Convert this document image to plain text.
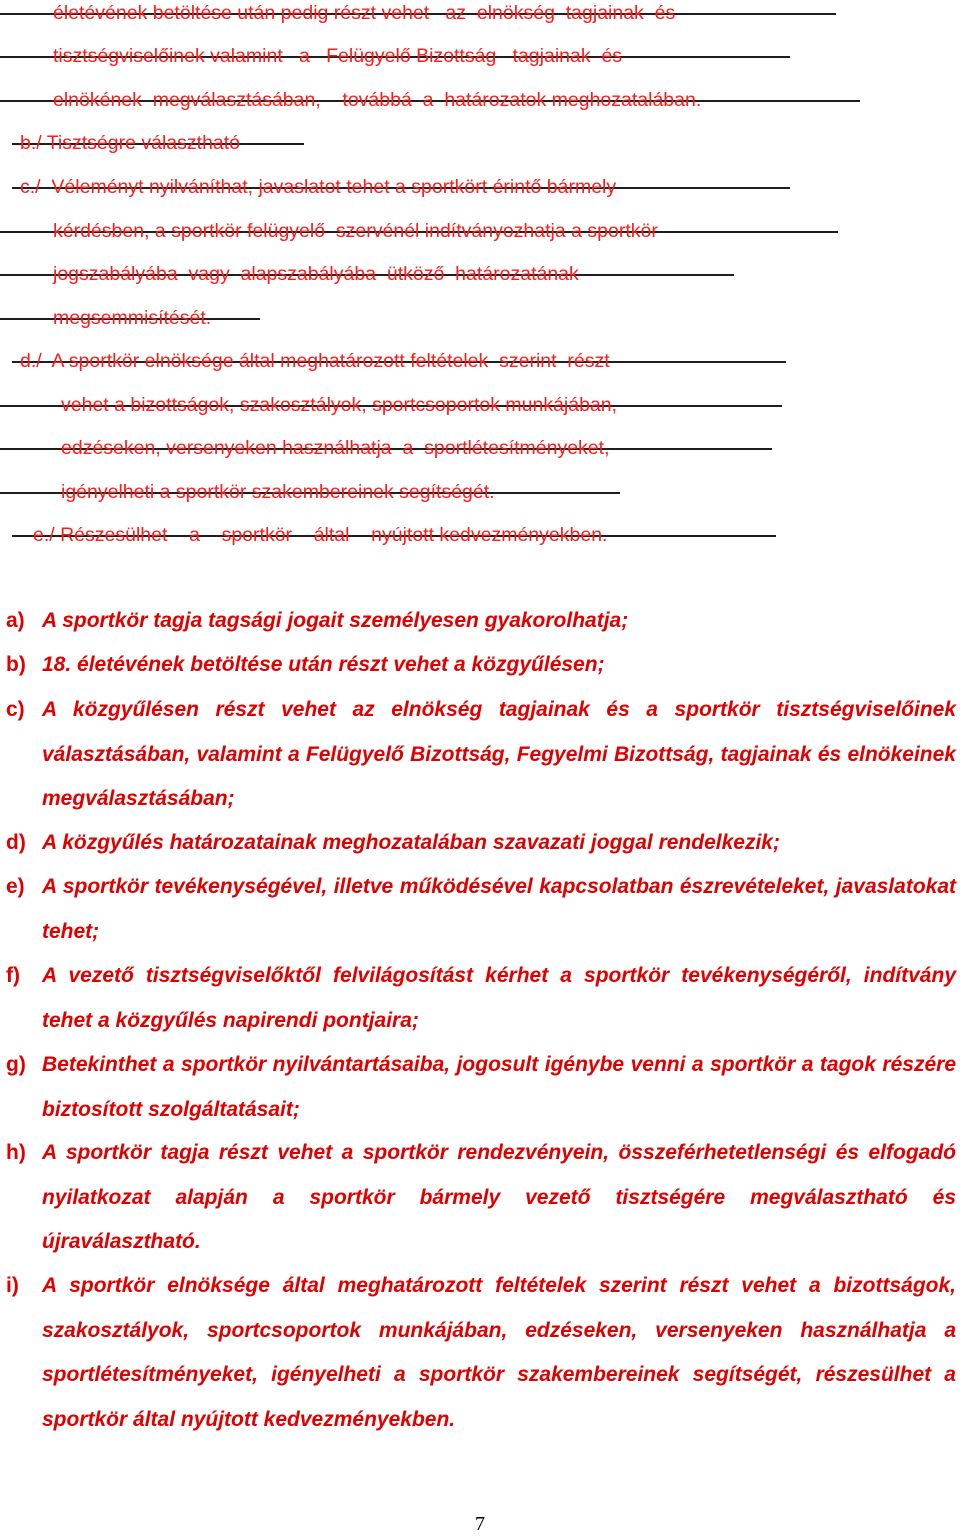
életévének betöltése után pedig részt vehet   az  elnökség  tagjainak  és
tisztségviselőinek valamint   a   Felügyelő Bizottság   tagjainak  és
elnökének  megválasztásában,    továbbá  a  határozatok meghozatalában.
b./ Tisztségre választható
c./  Véleményt nyilváníthat, javaslatot tehet a sportkört érintő bármely
kérdésben, a sportkör felügyelő  szervénél indítványozhatja a sportkör
jogszabályába  vagy  alapszabályába  ütköző  határozatának
megsemmisítését.
d./  A sportkör elnöksége által meghatározott feltételek  szerint  részt
vehet a bizottságok, szakosztályok, sportcsoportok munkájában,
edzéseken, versenyeken használhatja  a  sportlétesítményeket,
igényelheti a sportkör szakembereinek segítségét.
e./ Részesülhet    a    sportkör    által    nyújtott kedvezményekben.
a) A sportkör tagja tagsági jogait személyesen gyakorolhatja;
b) 18. életévének betöltése után részt vehet a közgyűlésen;
c) A közgyűlésen részt vehet az elnökség tagjainak és a sportkör tisztségviselőinek választásában, valamint a Felügyelő Bizottság, Fegyelmi Bizottság, tagjainak és elnökeinek megválasztásában;
d) A közgyűlés határozatainak meghozatalában szavazati joggal rendelkezik;
e) A sportkör tevékenységével, illetve működésével kapcsolatban észrevételeket, javaslatokat tehet;
f) A vezető tisztségviselőktől felvilágosítást kérhet a sportkör tevékenységéről, indítvány tehet a közgyűlés napirendi pontjaira;
g) Betekinthet a sportkör nyilvántartásaiba, jogosult igénybe venni a sportkör a tagok részére biztosított szolgáltatásait;
h) A sportkör tagja részt vehet a sportkör rendezvényein, összeférhetetlenségi és elfogadó nyilatkozat alapján a sportkör bármely vezető tisztségére megválasztható és újraválasztható.
i) A sportkör elnöksége által meghatározott feltételek szerint részt vehet a bizottságok, szakosztályok, sportcsoportok munkájában, edzéseken, versenyeken használhatja a sportlétesítményeket, igényelheti a sportkör szakembereinek segítségét, részesülhet a sportkör által nyújtott kedvezményekben.
7
